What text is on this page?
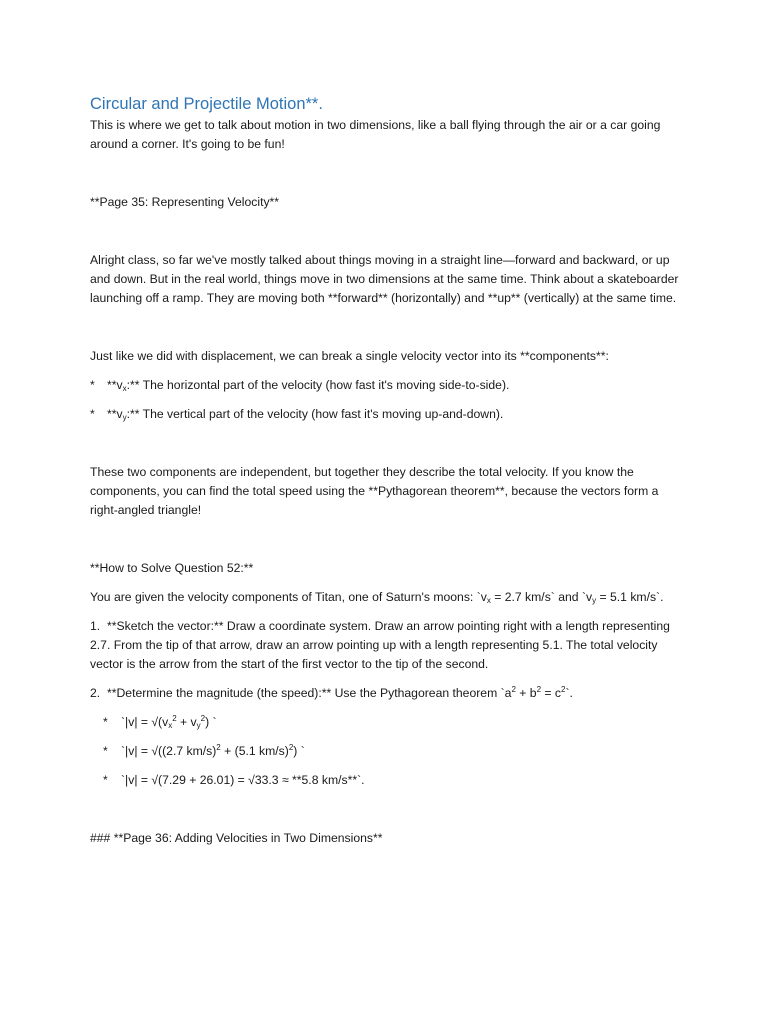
Circular and Projectile Motion**.

This is where we get to talk about motion in two dimensions, like a ball flying through the air or a car going around a corner. It's going to be fun!

**Page 35: Representing Velocity**

Alright class, so far we've mostly talked about things moving in a straight line—forward and backward, or up and down. But in the real world, things move in two dimensions at the same time. Think about a skateboarder launching off a ramp. They are moving both **forward** (horizontally) and **up** (vertically) at the same time.

Just like we did with displacement, we can break a single velocity vector into its **components**:

* $**v_x:**$ The horizontal part of the velocity (how fast it's moving side-to-side).

* $**v_y:**$ The vertical part of the velocity (how fast it's moving up-and-down).

These two components are independent, but together they describe the total velocity. If you know the components, you can find the total speed using the **Pythagorean theorem**, because the vectors form a right-angled triangle!

**How to Solve Question 52:**

You are given the velocity components of Titan, one of Saturn's moons: $`v_x = 2.7$ km/s` and $`v_y = 5.1$ km/s`.

1. **Sketch the vector:** Draw a coordinate system. Draw an arrow pointing right with a length representing 2.7. From the tip of that arrow, draw an arrow pointing up with a length representing 5.1. The total velocity vector is the arrow from the start of the first vector to the tip of the second.

2. **Determine the magnitude (the speed):** Use the Pythagorean theorem $`a^2 + b^2$ = $c^2`$.

* `|v| = $√(v_x^2 + v_y^2)$ `

* `|v| = √((2.7 km/s)$^2$ + (5.1 km/s)$^2$) `

* `|v| = √(7.29 + 26.01) = √33.3 ≈ **5.8 km/s**`.

### **Page 36: Adding Velocities in Two Dimensions**
